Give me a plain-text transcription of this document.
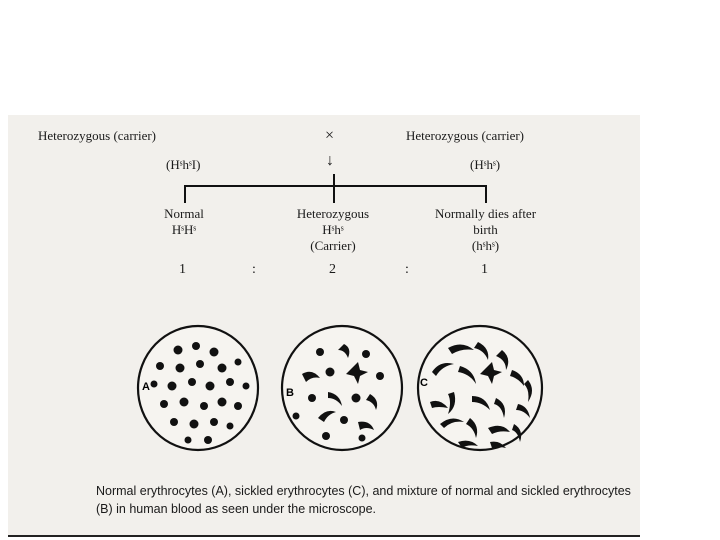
Heterozygous (carrier)
(HˢhˢI)
×
↓
Heterozygous (carrier)
(Hˢhˢ)
Normal
HˢHˢ
Heterozygous
Hˢhˢ
(Carrier)
Normally dies after
birth
(hˢhˢ)
1	:	2	:	1
B
C
A
Normal erythrocytes (A), sickled erythrocytes (C), and mixture of normal and sickled erythrocytes
(B) in human blood as seen under the microscope.
